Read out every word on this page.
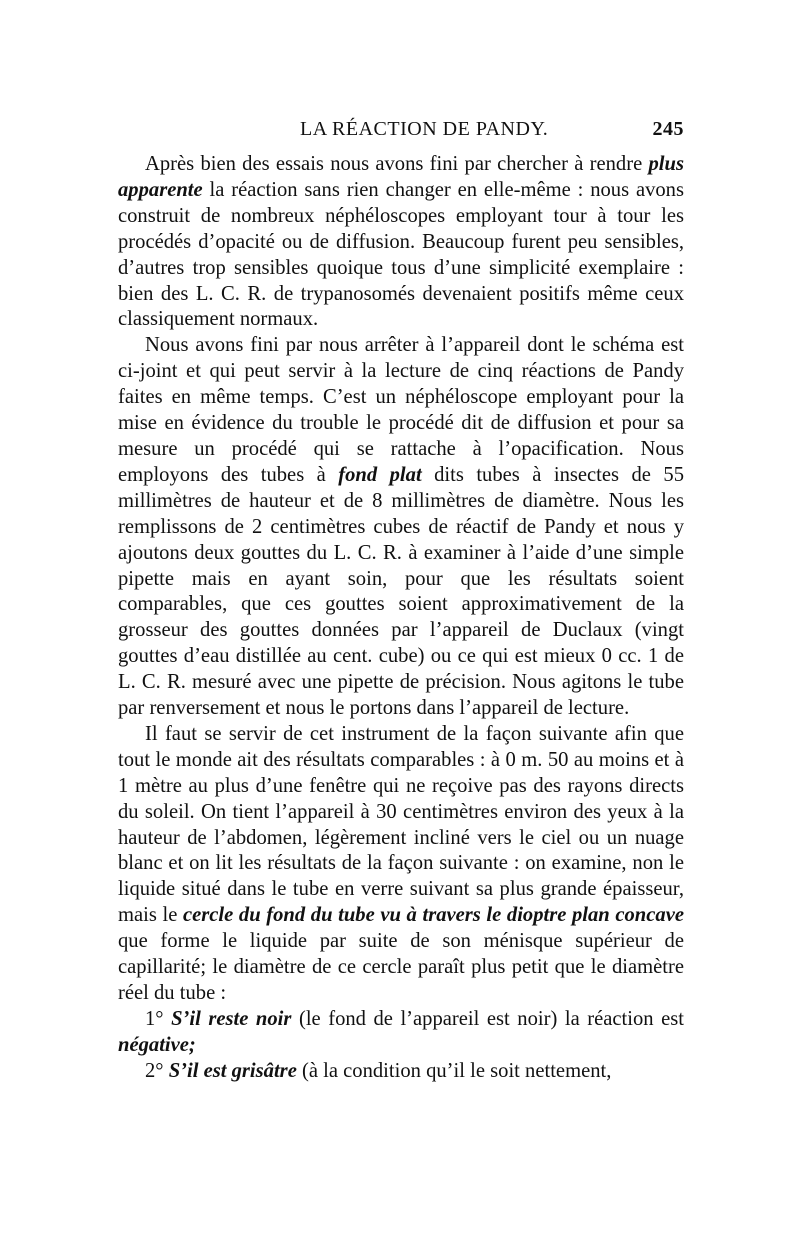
LA RÉACTION DE PANDY.	245

Après bien des essais nous avons fini par chercher à rendre plus apparente la réaction sans rien changer en elle-même : nous avons construit de nombreux néphéloscopes employant tour à tour les procédés d’opacité ou de diffusion. Beaucoup furent peu sensibles, d’autres trop sensibles quoique tous d’une simplicité exemplaire : bien des L. C. R. de trypanosomés devenaient positifs même ceux classiquement normaux.

Nous avons fini par nous arrêter à l’appareil dont le schéma est ci-joint et qui peut servir à la lecture de cinq réactions de Pandy faites en même temps. C’est un néphéloscope employant pour la mise en évidence du trouble le procédé dit de diffusion et pour sa mesure un procédé qui se rattache à l’opacification. Nous employons des tubes à fond plat dits tubes à insectes de 55 millimètres de hauteur et de 8 millimètres de diamètre. Nous les remplissons de 2 centimètres cubes de réactif de Pandy et nous y ajoutons deux gouttes du L. C. R. à examiner à l’aide d’une simple pipette mais en ayant soin, pour que les résultats soient comparables, que ces gouttes soient approximativement de la grosseur des gouttes données par l’appareil de Duclaux (vingt gouttes d’eau distillée au cent. cube) ou ce qui est mieux 0 cc. 1 de L. C. R. mesuré avec une pipette de précision. Nous agitons le tube par renversement et nous le portons dans l’appareil de lecture.

Il faut se servir de cet instrument de la façon suivante afin que tout le monde ait des résultats comparables : à 0 m. 50 au moins et à 1 mètre au plus d’une fenêtre qui ne reçoive pas des rayons directs du soleil. On tient l’appareil à 30 centimètres environ des yeux à la hauteur de l’abdomen, légèrement incliné vers le ciel ou un nuage blanc et on lit les résultats de la façon suivante : on examine, non le liquide situé dans le tube en verre suivant sa plus grande épaisseur, mais le cercle du fond du tube vu à travers le dioptre plan concave que forme le liquide par suite de son ménisque supérieur de capillarité; le diamètre de ce cercle paraît plus petit que le diamètre réel du tube :

1° S’il reste noir (le fond de l’appareil est noir) la réaction est négative;

2° S’il est grisâtre (à la condition qu’il le soit nettement,
